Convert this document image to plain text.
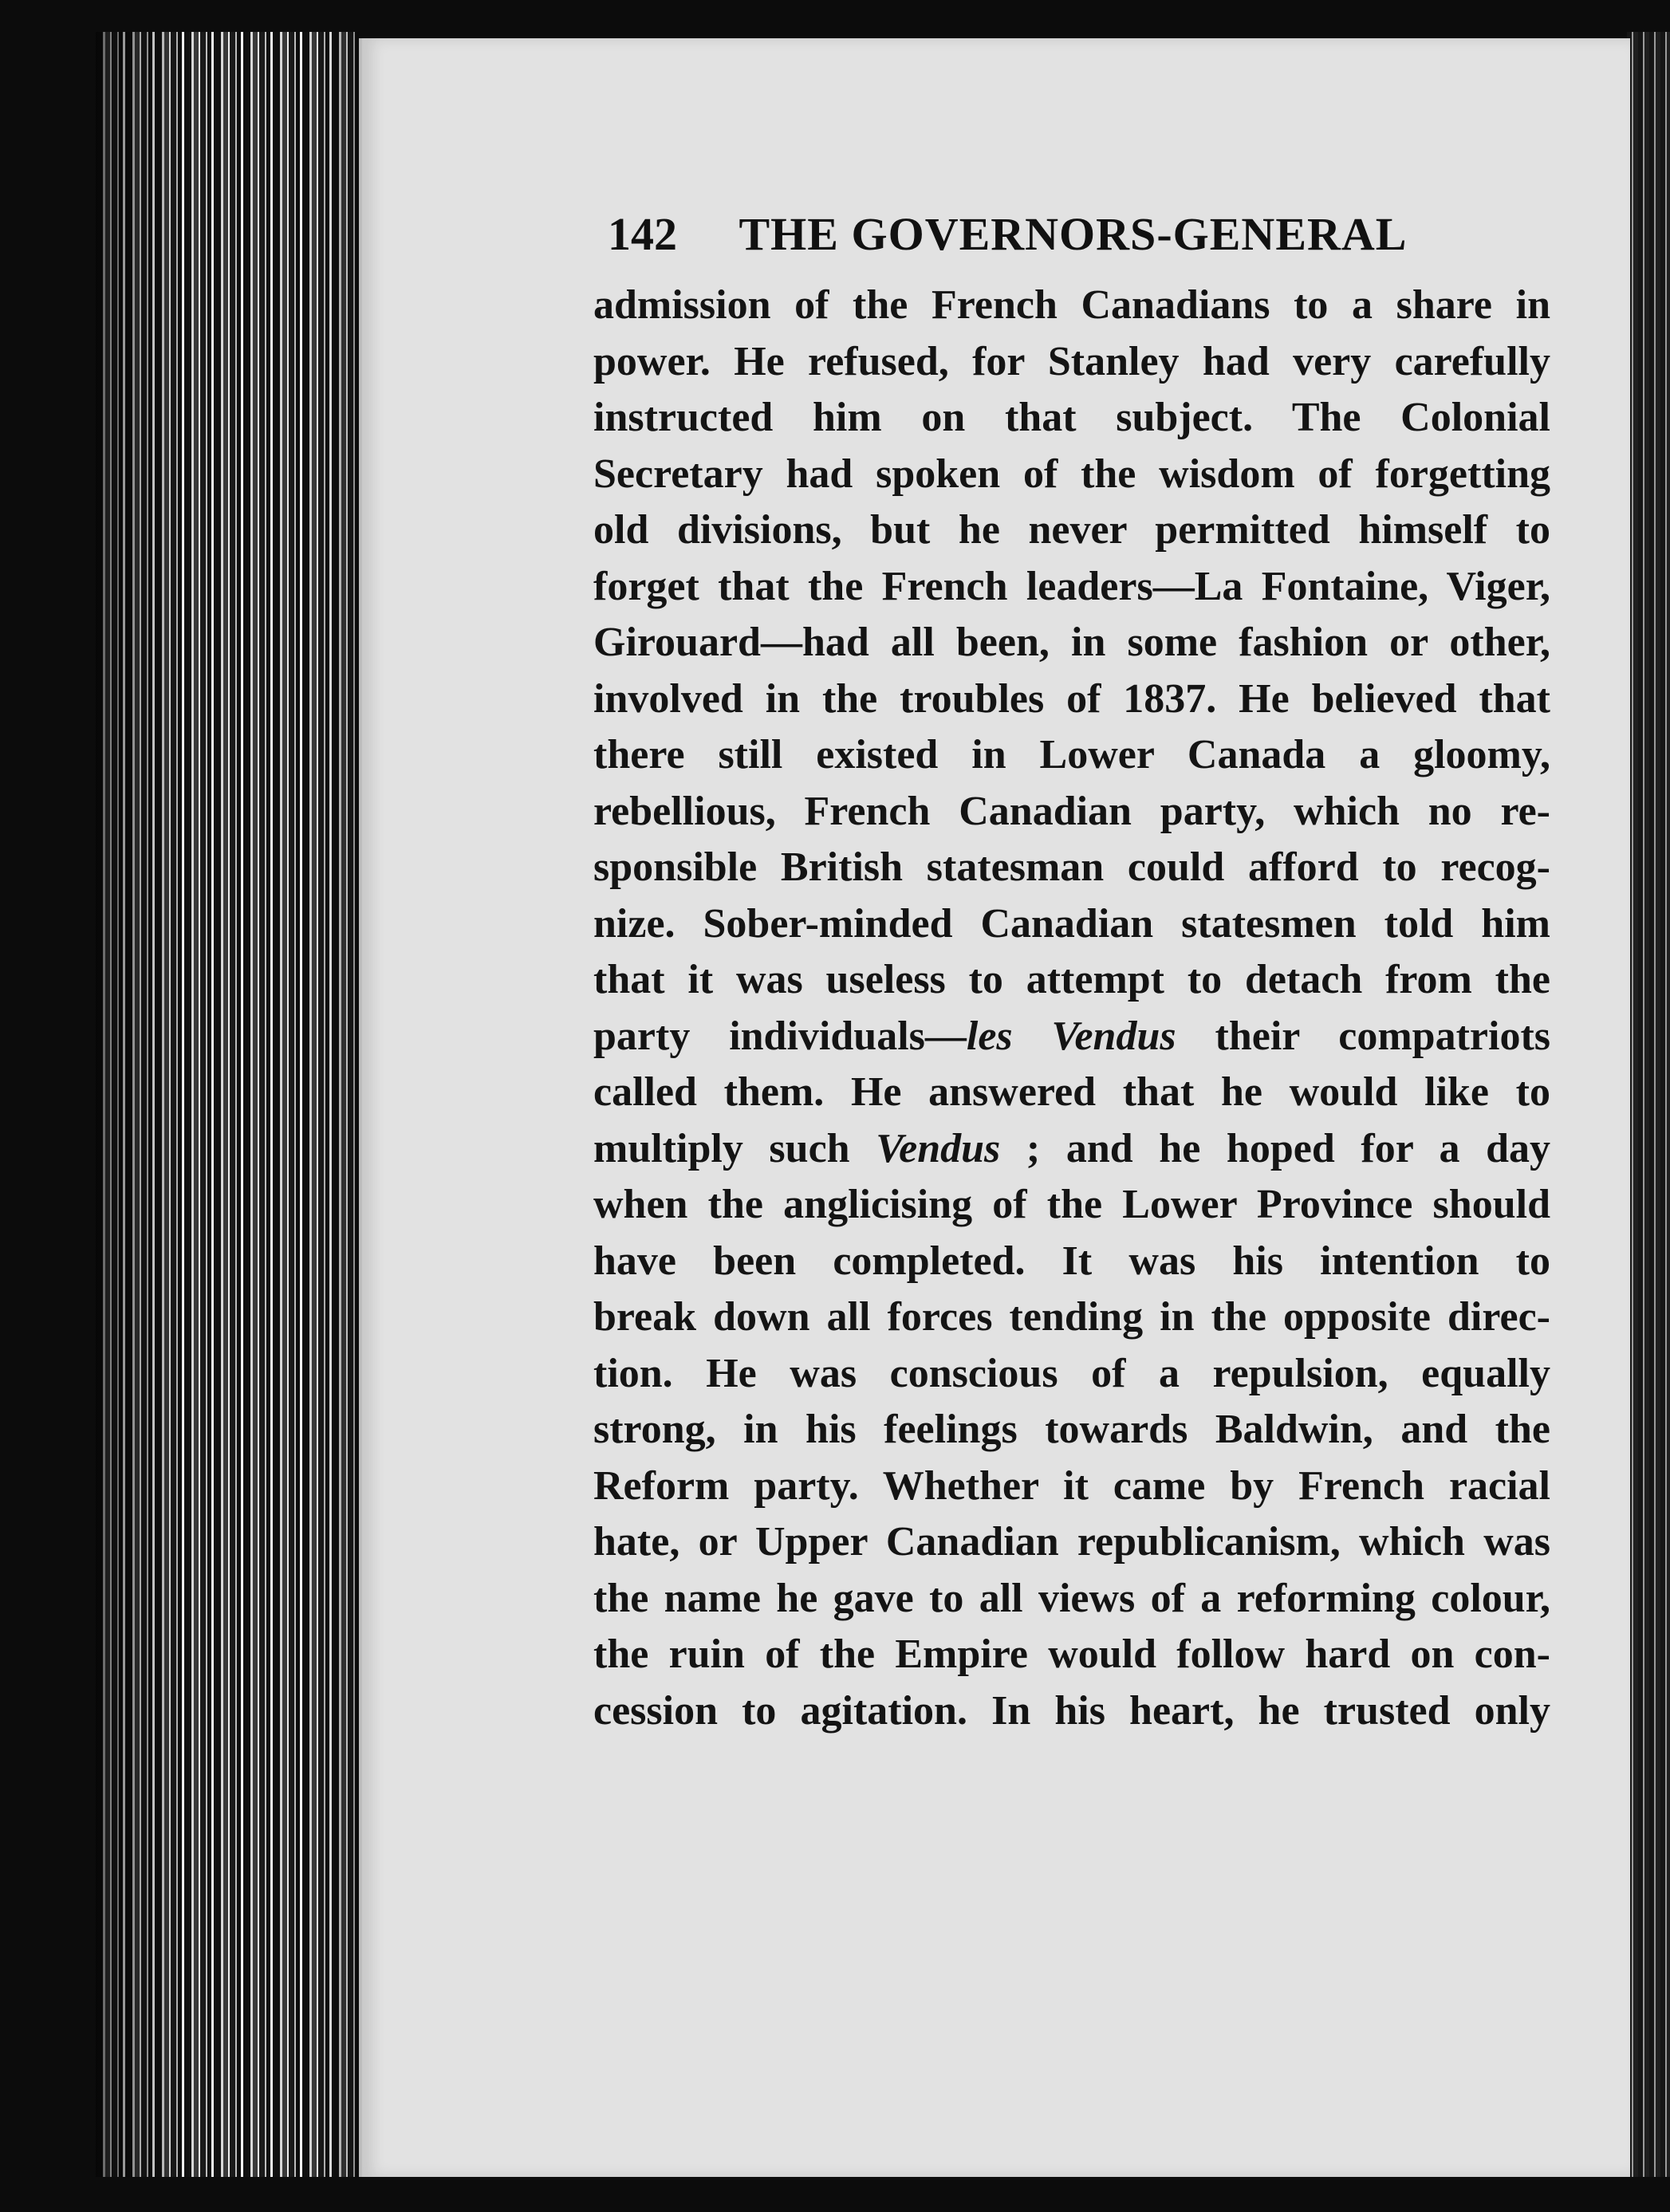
142 THE GOVERNORS-GENERAL
admission of the French Canadians to a share in
power. He refused, for Stanley had very carefully
instructed him on that subject. The Colonial
Secretary had spoken of the wisdom of forgetting
old divisions, but he never permitted himself to
forget that the French leaders—La Fontaine, Viger,
Girouard—had all been, in some fashion or other,
involved in the troubles of 1837. He believed that
there still existed in Lower Canada a gloomy,
rebellious, French Canadian party, which no re-
sponsible British statesman could afford to recog-
nize. Sober-minded Canadian statesmen told him
that it was useless to attempt to detach from the
party individuals—les Vendus their compatriots
called them. He answered that he would like to
multiply such Vendus ; and he hoped for a day
when the anglicising of the Lower Province should
have been completed. It was his intention to
break down all forces tending in the opposite direc-
tion. He was conscious of a repulsion, equally
strong, in his feelings towards Baldwin, and the
Reform party. Whether it came by French racial
hate, or Upper Canadian republicanism, which was
the name he gave to all views of a reforming colour,
the ruin of the Empire would follow hard on con-
cession to agitation. In his heart, he trusted only
